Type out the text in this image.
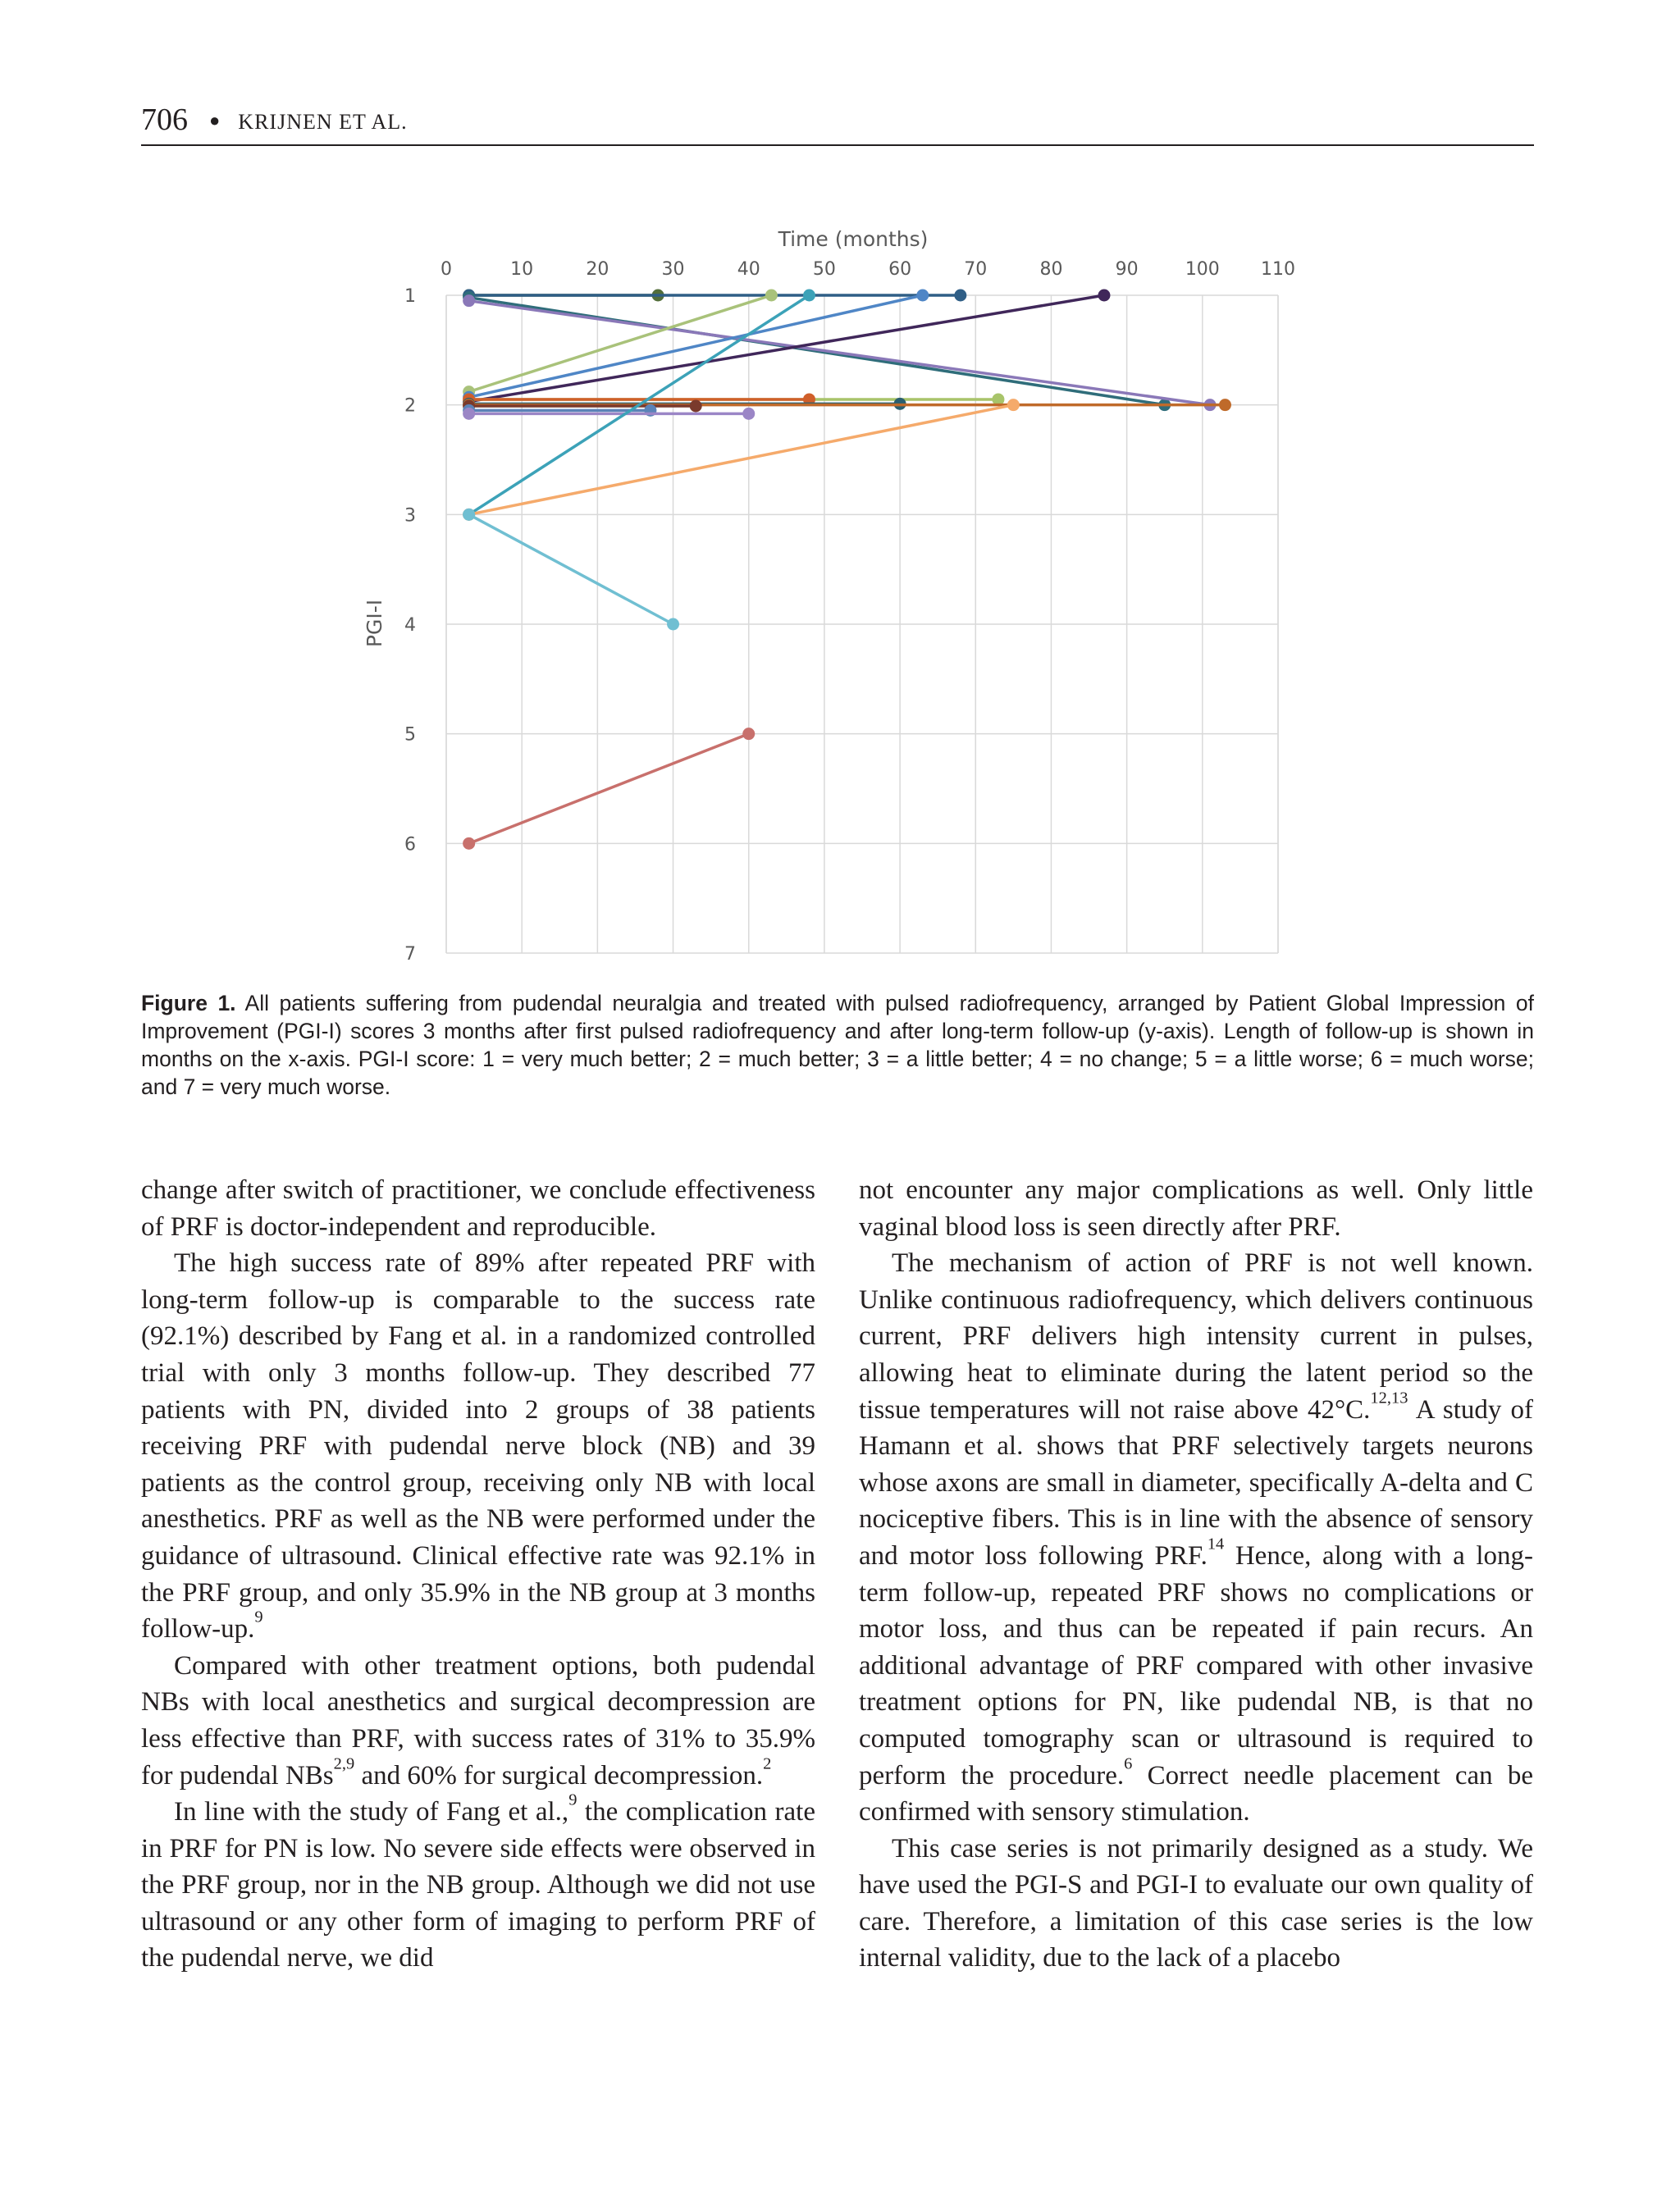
706 ● KRIJNEN ET AL.
0	10	20	30	40	50	60	70	80	90	100 110
1
2
3
4
5
6
7
Time (months)
PGI-I

Figure 1. All patients suffering from pudendal neuralgia and treated with pulsed radiofrequency, arranged by Patient Global Impression of Improvement (PGI-I) scores 3 months after first pulsed radiofrequency and after long-term follow-up (y-axis). Length of follow-up is shown in months on the x-axis. PGI-I score: 1 = very much better; 2 = much better; 3 = a little better; 4 = no change; 5 = a little worse; 6 = much worse; and 7 = very much worse.

change after switch of practitioner, we conclude effectiveness of PRF is doctor-independent and reproducible.

The high success rate of 89% after repeated PRF with long-term follow-up is comparable to the success rate (92.1%) described by Fang et al. in a randomized controlled trial with only 3 months follow-up. They described 77 patients with PN, divided into 2 groups of 38 patients receiving PRF with pudendal nerve block (NB) and 39 patients as the control group, receiving only NB with local anesthetics. PRF as well as the NB were performed under the guidance of ultrasound. Clinical effective rate was 92.1% in the PRF group, and only 35.9% in the NB group at 3 months follow-up.$^9$

Compared with other treatment options, both pudendal NBs with local anesthetics and surgical decompression are less effective than PRF, with success rates of 31% to 35.9% for pudendal NBs$^{2,9}$ and 60% for surgical decompression.$^2$

In line with the study of Fang et al.,$^9$ the complication rate in PRF for PN is low. No severe side effects were observed in the PRF group, nor in the NB group. Although we did not use ultrasound or any other form of imaging to perform PRF of the pudendal nerve, we did

not encounter any major complications as well. Only little vaginal blood loss is seen directly after PRF.

The mechanism of action of PRF is not well known. Unlike continuous radiofrequency, which delivers continuous current, PRF delivers high intensity current in pulses, allowing heat to eliminate during the latent period so the tissue temperatures will not raise above 42°C.$^{12,13}$ A study of Hamann et al. shows that PRF selectively targets neurons whose axons are small in diameter, specifically A-delta and C nociceptive fibers. This is in line with the absence of sensory and motor loss following PRF.$^{14}$ Hence, along with a long-term follow-up, repeated PRF shows no complications or motor loss, and thus can be repeated if pain recurs. An additional advantage of PRF compared with other invasive treatment options for PN, like pudendal NB, is that no computed tomography scan or ultrasound is required to perform the procedure.$^6$ Correct needle placement can be confirmed with sensory stimulation.

This case series is not primarily designed as a study. We have used the PGI-S and PGI-I to evaluate our own quality of care. Therefore, a limitation of this case series is the low internal validity, due to the lack of a placebo
